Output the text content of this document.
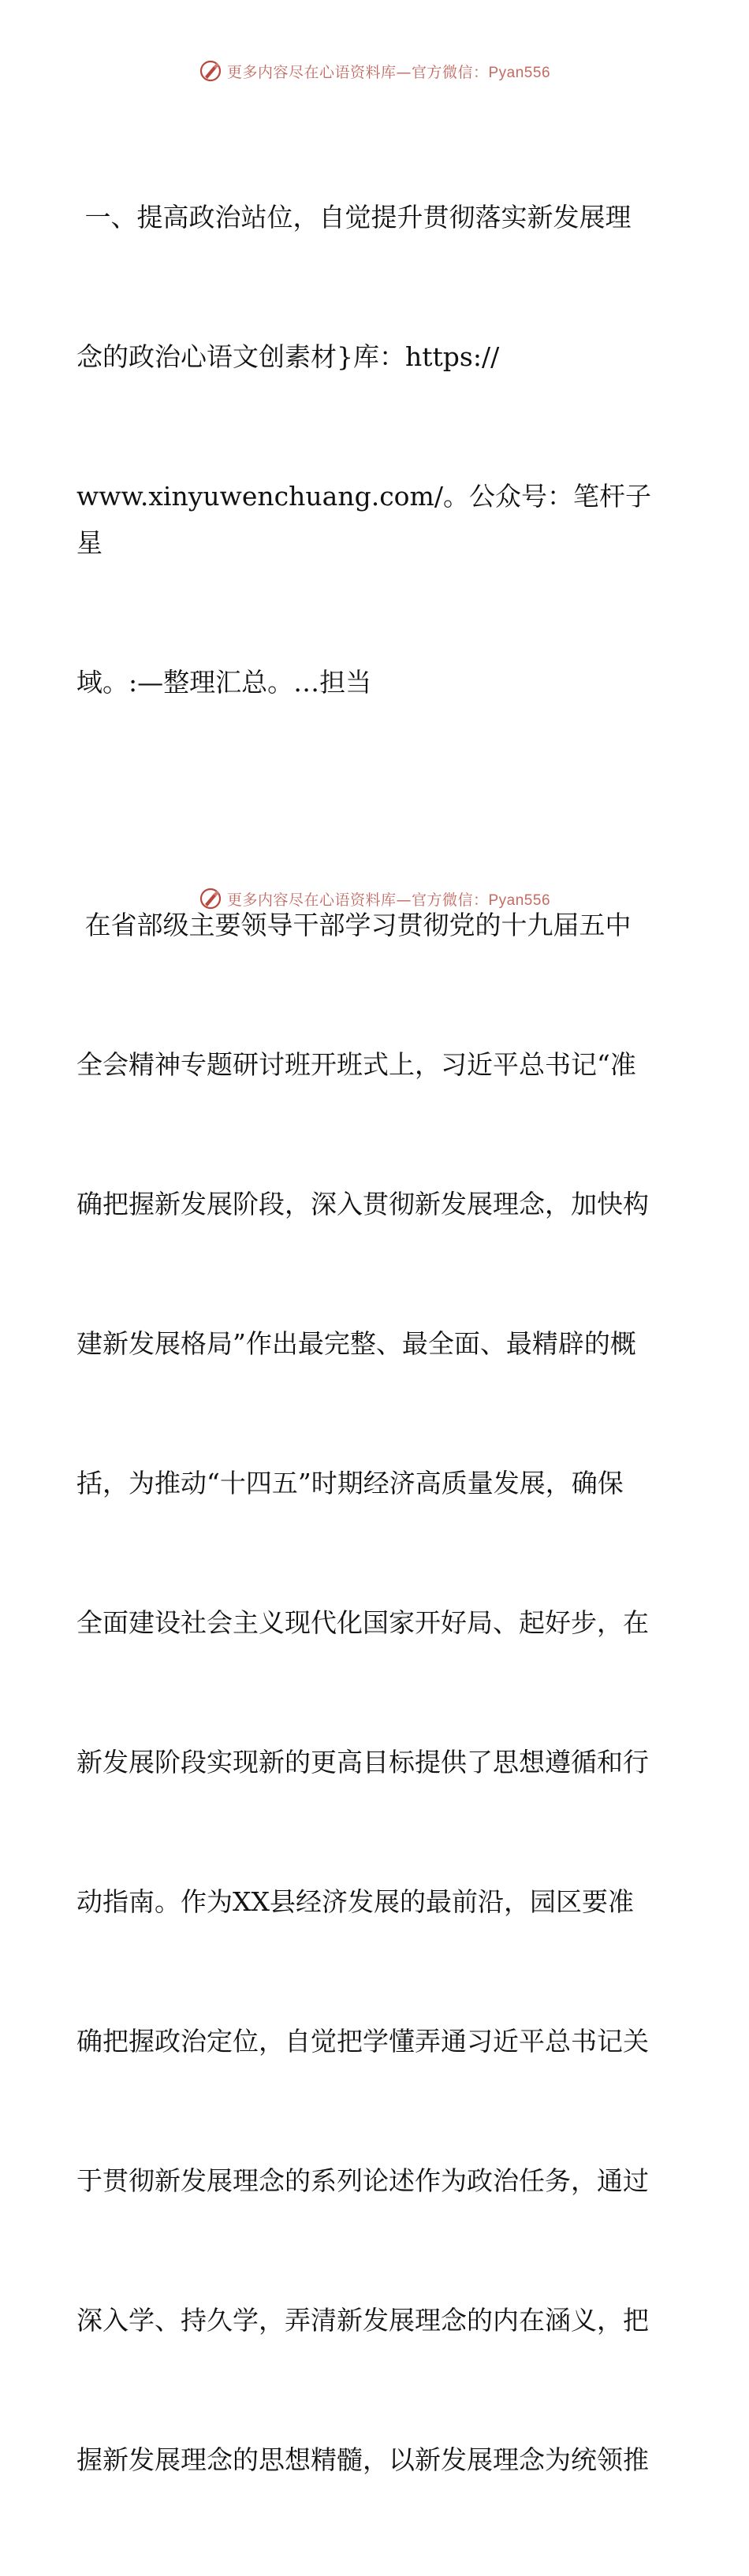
更多内容尽在心语资料库—官方微信：Pyan556

一、提高政治站位，自觉提升贯彻落实新发展理

念的政治心语文创素材}库：https://

www.xinyuwenchuang.com/。公众号：笔杆子星

域。:—整理汇总。…担当

在省部级主要领导干部学习贯彻党的十九届五中

全会精神专题研讨班开班式上，习近平总书记“准

确把握新发展阶段，深入贯彻新发展理念，加快构

建新发展格局”作出最完整、最全面、最精辟的概

括，为推动“十四五”时期经济高质量发展，确保

全面建设社会主义现代化国家开好局、起好步，在

新发展阶段实现新的更高目标提供了思想遵循和行

动指南。作为XX县经济发展的最前沿，园区要准

确把握政治定位，自觉把学懂弄通习近平总书记关

于贯彻新发展理念的系列论述作为政治任务，通过

深入学、持久学，弄清新发展理念的内在涵义，把

握新发展理念的思想精髓，以新发展理念为统领推

更多内容尽在心语资料库—官方微信：Pyan556
